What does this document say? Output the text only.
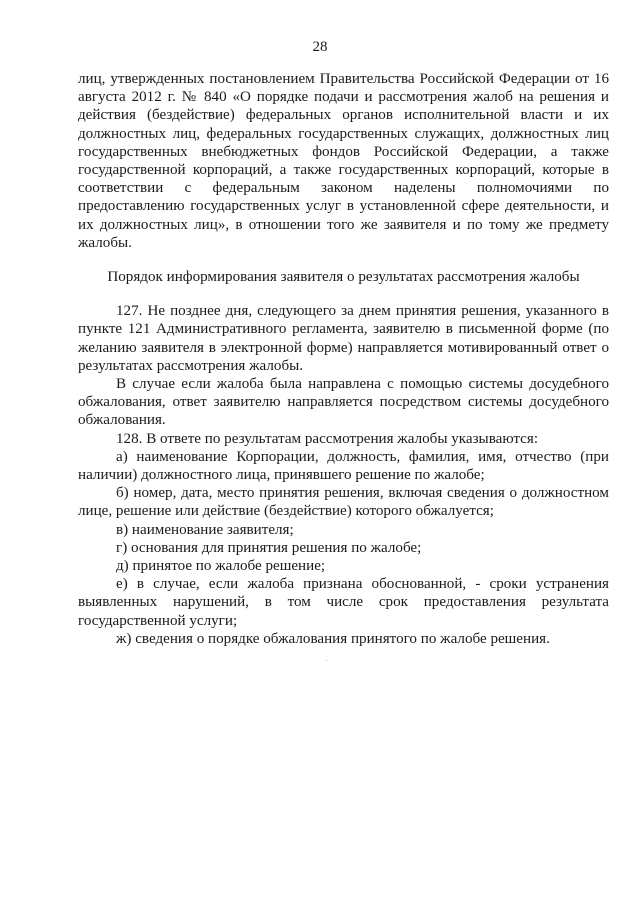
28

лиц, утвержденных постановлением Правительства Российской Федерации от 16 августа 2012 г. № 840 «О порядке подачи и рассмотрения жалоб на решения и действия (бездействие) федеральных органов исполнительной власти и их должностных лиц, федеральных государственных служащих, должностных лиц государственных внебюджетных фондов Российской Федерации, а также государственной корпораций, а также государственных корпораций, которые в соответствии с федеральным законом наделены полномочиями по предоставлению государственных услуг в установленной сфере деятельности, и их должностных лиц», в отношении того же заявителя и по тому же предмету жалобы.

Порядок информирования заявителя о результатах рассмотрения жалобы

127. Не позднее дня, следующего за днем принятия решения, указанного в пункте 121 Административного регламента, заявителю в письменной форме (по желанию заявителя в электронной форме) направляется мотивированный ответ о результатах рассмотрения жалобы.

В случае если жалоба была направлена с помощью системы досудебного обжалования, ответ заявителю направляется посредством системы досудебного обжалования.

128. В ответе по результатам рассмотрения жалобы указываются:

а) наименование Корпорации, должность, фамилия, имя, отчество (при наличии) должностного лица, принявшего решение по жалобе;

б) номер, дата, место принятия решения, включая сведения о должностном лице, решение или действие (бездействие) которого обжалуется;

в) наименование заявителя;

г) основания для принятия решения по жалобе;

д) принятое по жалобе решение;

е) в случае, если жалоба признана обоснованной, - сроки устранения выявленных нарушений, в том числе срок предоставления результата государственной услуги;

ж) сведения о порядке обжалования принятого по жалобе решения.
